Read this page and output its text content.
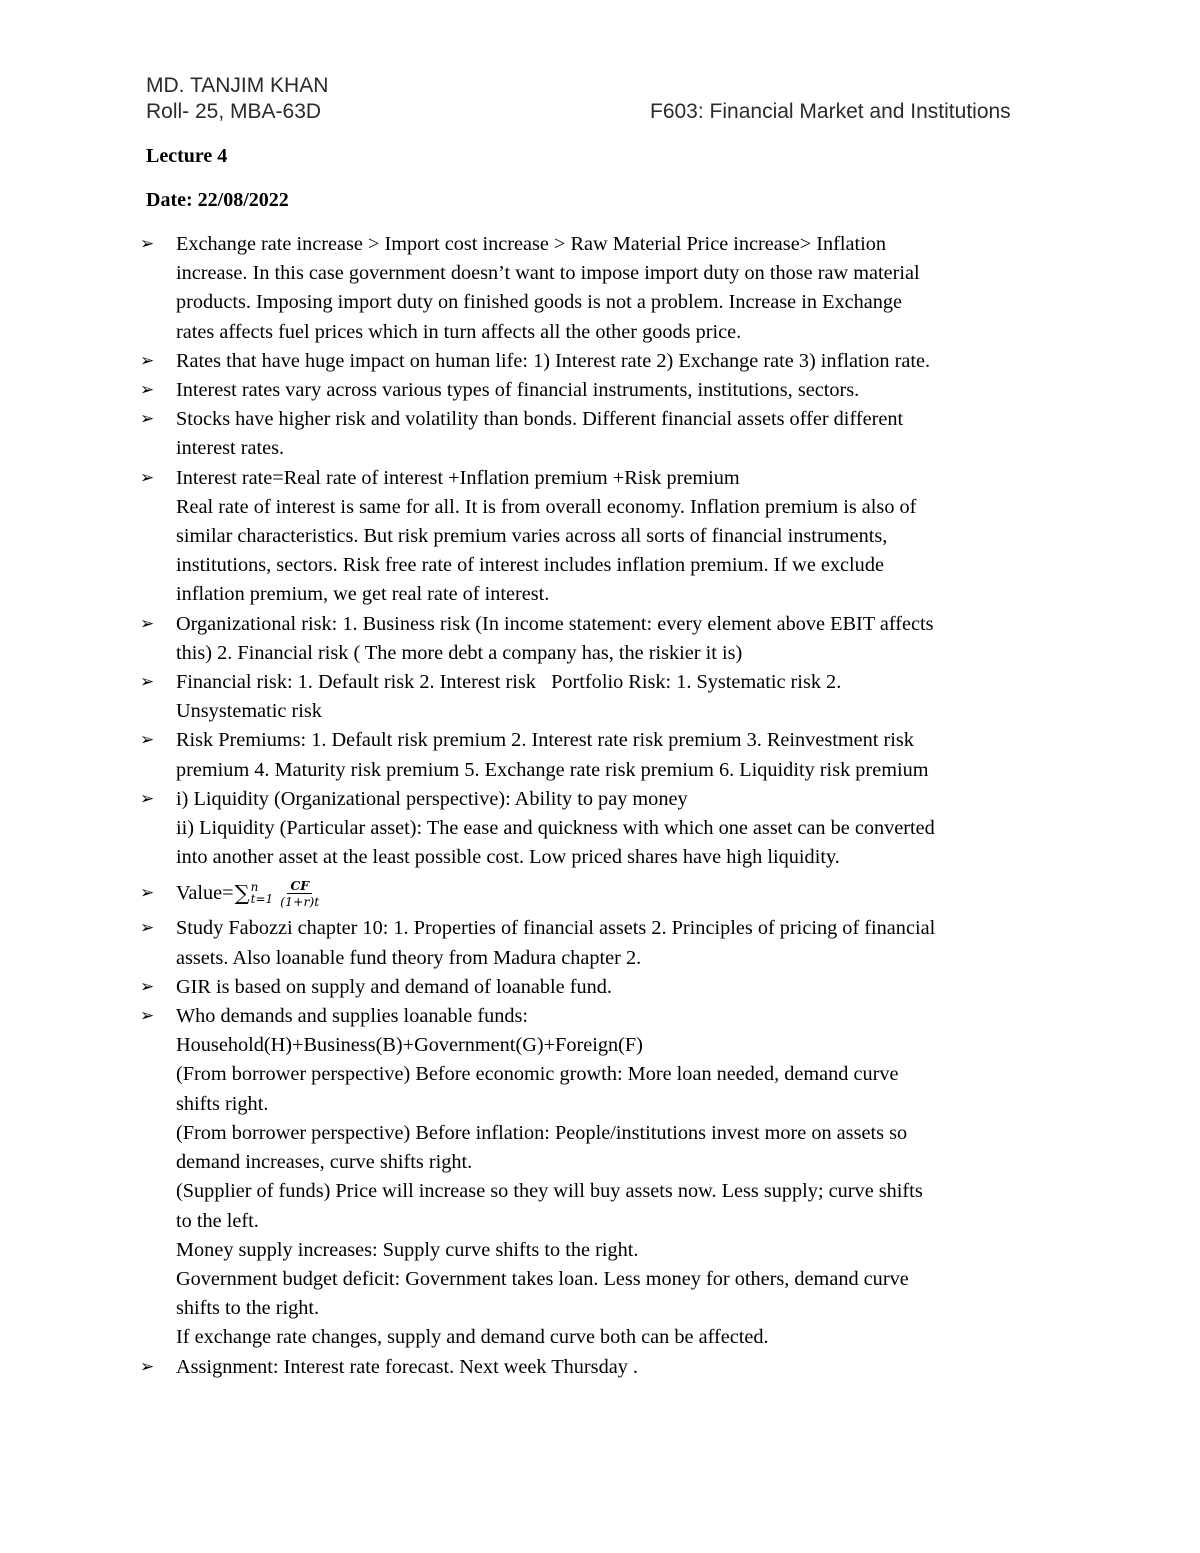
MD. TANJIM KHAN
Roll- 25, MBA-63D	F603: Financial Market and Institutions
Lecture 4
Date: 22/08/2022
➢ Exchange rate increase > Import cost increase > Raw Material Price increase> Inflation
increase. In this case government doesn’t want to impose import duty on those raw material
products. Imposing import duty on finished goods is not a problem. Increase in Exchange
rates affects fuel prices which in turn affects all the other goods price.
➢ Rates that have huge impact on human life: 1) Interest rate 2) Exchange rate 3) inflation rate.
➢ Interest rates vary across various types of financial instruments, institutions, sectors.
➢ Stocks have higher risk and volatility than bonds. Different financial assets offer different
interest rates.
➢ Interest rate=Real rate of interest +Inflation premium +Risk premium
Real rate of interest is same for all. It is from overall economy. Inflation premium is also of
similar characteristics. But risk premium varies across all sorts of financial instruments,
institutions, sectors. Risk free rate of interest includes inflation premium. If we exclude
inflation premium, we get real rate of interest.
➢ Organizational risk: 1. Business risk (In income statement: every element above EBIT affects
this) 2. Financial risk ( The more debt a company has, the riskier it is)
➢ Financial risk: 1. Default risk 2. Interest risk   Portfolio Risk: 1. Systematic risk 2.
Unsystematic risk
➢ Risk Premiums: 1. Default risk premium 2. Interest rate risk premium 3. Reinvestment risk
premium 4. Maturity risk premium 5. Exchange rate risk premium 6. Liquidity risk premium
➢ i) Liquidity (Organizational perspective): Ability to pay money
ii) Liquidity (Particular asset): The ease and quickness with which one asset can be converted
into another asset at the least possible cost. Low priced shares have high liquidity.
➢ Value= ∑ n
$t=1 \frac{CF}{(1+r)t}$
➢ Study Fabozzi chapter 10: 1. Properties of financial assets 2. Principles of pricing of financial
assets. Also loanable fund theory from Madura chapter 2.
➢ GIR is based on supply and demand of loanable fund.
➢ Who demands and supplies loanable funds:
Household(H)+Business(B)+Government(G)+Foreign(F)
(From borrower perspective) Before economic growth: More loan needed, demand curve
shifts right.
(From borrower perspective) Before inflation: People/institutions invest more on assets so
demand increases, curve shifts right.
(Supplier of funds) Price will increase so they will buy assets now. Less supply; curve shifts
to the left.
Money supply increases: Supply curve shifts to the right.
Government budget deficit: Government takes loan. Less money for others, demand curve
shifts to the right.
If exchange rate changes, supply and demand curve both can be affected.
➢ Assignment: Interest rate forecast. Next week Thursday .
